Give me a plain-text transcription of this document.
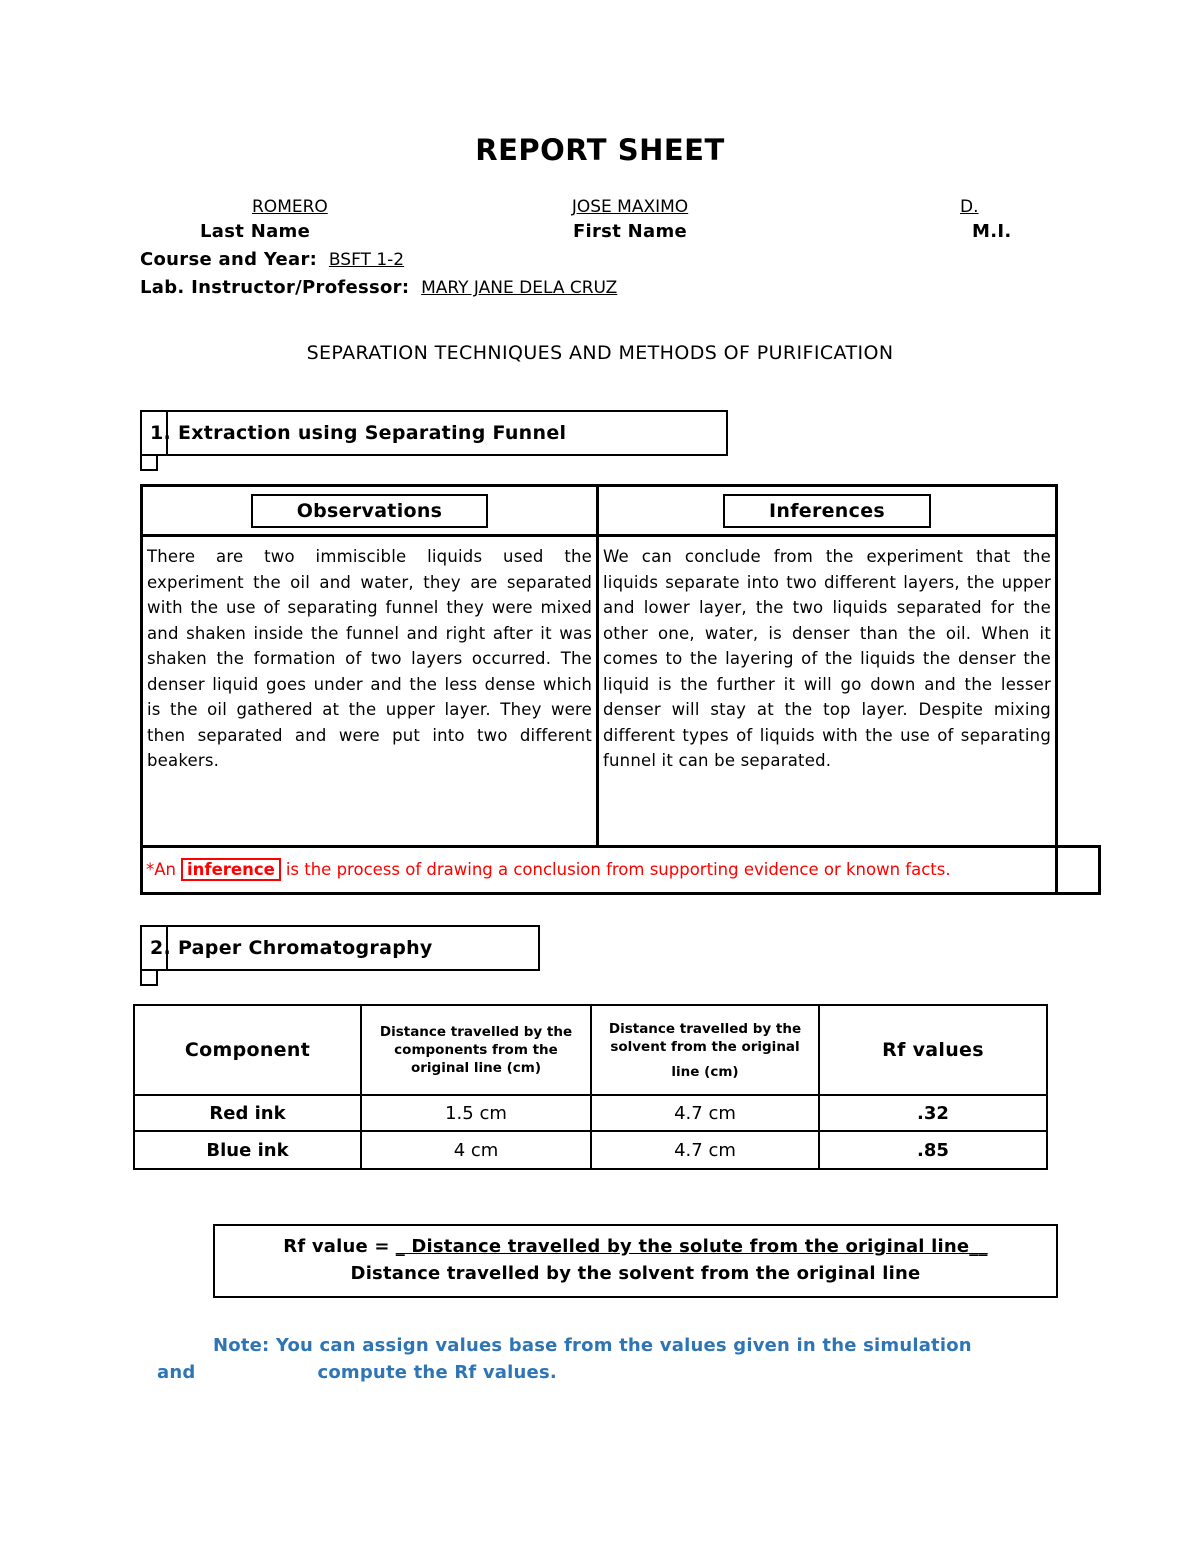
REPORT SHEET
ROMERO
Last Name
JOSE MAXIMO
First Name
D.
M.I.
Course and Year: BSFT 1-2
Lab. Instructor/Professor: MARY JANE DELA CRUZ
SEPARATION TECHNIQUES AND METHODS OF PURIFICATION
1. Extraction using Separating Funnel
Observations	Inferences
There are two immiscible liquids used the experiment the oil and water, they are separated with the use of separating funnel they were mixed and shaken inside the funnel and right after it was shaken the formation of two layers occurred. The denser liquid goes under and the less dense which is the oil gathered at the upper layer. They were then separated and were put into two different beakers.
We can conclude from the experiment that the liquids separate into two different layers, the upper and lower layer, the two liquids separated for the other one, water, is denser than the oil. When it comes to the layering of the liquids the denser the liquid is the further it will go down and the lesser denser will stay at the top layer. Despite mixing different types of liquids with the use of separating funnel it can be separated.
*An inference is the process of drawing a conclusion from supporting evidence or known facts.
2. Paper Chromatography
Component
Distance travelled by the components from the original line (cm)
Distance travelled by the solvent from the original
line (cm)
Rf values
Red ink	1.5 cm	4.7 cm	.32
Blue ink	4 cm	4.7 cm	.85
Rf value = _ Distance travelled by the solute from the original line__
Distance travelled by the solvent from the original line
Note: You can assign values base from the values given in the simulation
and	compute the Rf values.
